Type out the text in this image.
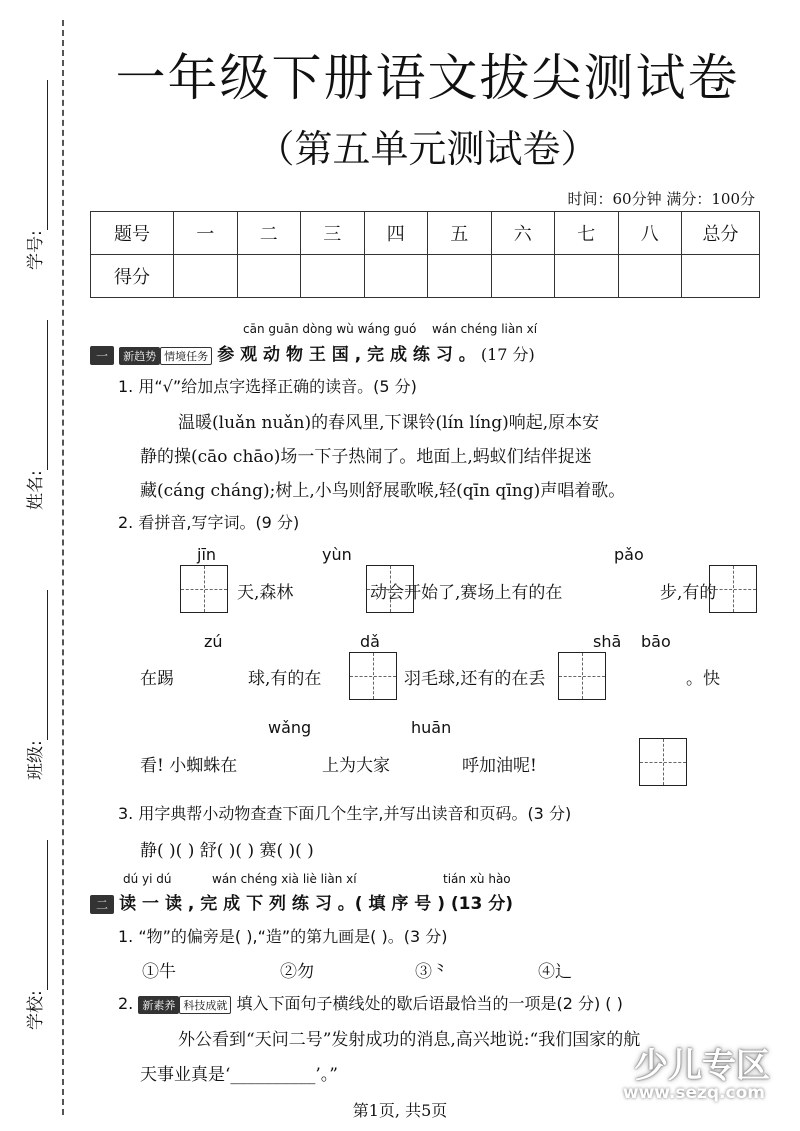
学号:
姓名:
班级:
学校:
一年级下册语文拔尖测试卷
（第五单元测试卷）
时间：60分钟 满分：100分
题号	一	二	三	四	五	六	七	八	总分
得分									
cān guān dòng wù wáng guó wán chéng liàn xí
一 新趋势 情境任务 参 观 动 物 王 国 , 完 成 练 习 。 (17 分)
1. 用“√”给加点字选择正确的读音。(5 分)
温暖(luǎn nuǎn)的春风里,下课铃(lín líng)响起,原本安
静的操(cāo chāo)场一下子热闹了。地面上,蚂蚁们结伴捉迷
藏(cáng cháng);树上,小鸟则舒展歌喉,轻(qīn qīng)声唱着歌。
2. 看拼音,写字词。(9 分)
jīn

天,森林
yùn

动会开始了,赛场上有的在
pǎo

步,有的
在踢
zú

球,有的在
dǎ

羽毛球,还有的在丢
shā bāo

。快
看! 小蜘蛛在
wǎng

上为大家
huān
呼加油呢!
3. 用字典帮小动物查查下面几个生字,并写出读音和页码。(3 分)
静( )( ) 舒( )( ) 赛( )( )
dú yi dú	wán chéng xià liè liàn xí	tián xù hào
二 读 一 读 , 完 成 下 列 练 习 。( 填 序 号 ) (13 分)
1. “物”的偏旁是( ),“造”的第九画是( )。(3 分)
①牛	②勿	③⺀	④辶
2. 新素养 科技成就 填入下面句子横线处的歇后语最恰当的一项是(2 分) ( )
外公看到“天问二号”发射成功的消息,高兴地说:“我们国家的航
天事业真是‘__________’。”
第1页, 共5页
少儿专区
www.sezq.com
